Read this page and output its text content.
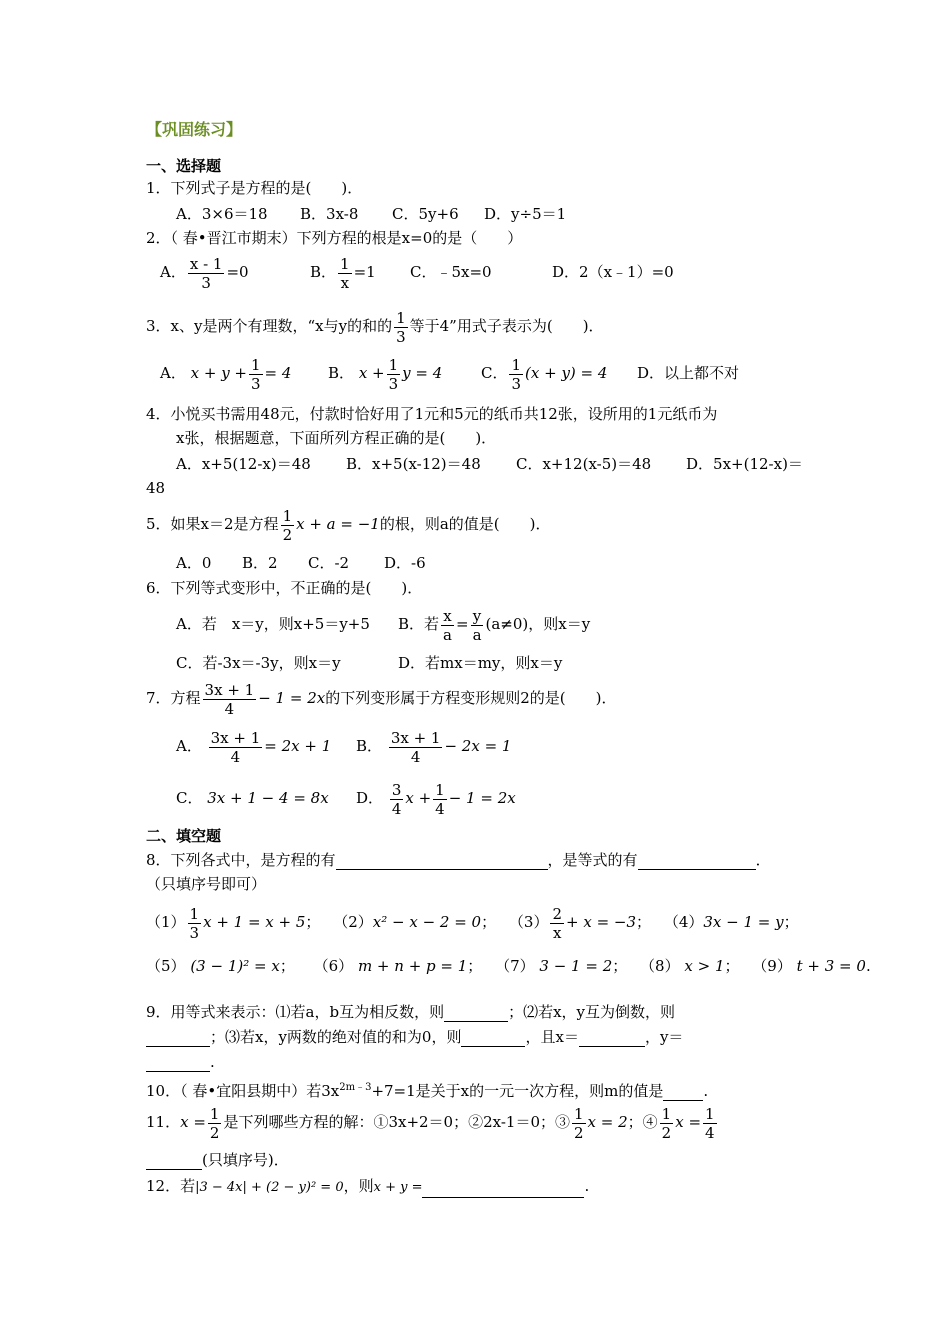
【巩固练习】
一、选择题
1．下列式子是方程的是(　　)．
A．3×6＝18 B．3x-8 C．5y+6 D．y÷5＝1
2．（ 春•晋江市期末）下列方程的根是x=0的是（　　）
A． $\frac{x - 1}{3} =0$	B． $\frac{1}{x} =1$ C．﹣5x=0	D．2（x﹣1）=0
3．x、y是两个有理数，“x与y的和的 $\frac{1}{3}$ 等于4”用式子表示为(　　)．
A． $x + y + \frac{1}{3} = 4$ B． $x + \frac{1}{3}$ y = 4	C． $\frac{1}{3} (x + y) = 4$ D．以上都不对
4．小悦买书需用48元，付款时恰好用了1元和5元的纸币共12张，设所用的1元纸币为
x张，根据题意，下面所列方程正确的是(　　)．
A．x+5(12-x)＝48 B．x+5(x-12)＝48 C．x+12(x-5)＝48 D．5x+(12-x)＝
48
5．如果x＝2是方程 $\frac{1}{2}$ x + a = −1的根，则a的值是(　　)．
A．0 B．2 C．-2 D．-6
6．下列等式变形中，不正确的是(　　)．
A．若　x＝y，则x+5＝y+5 B．若 $\frac{x}{a} = \frac{y}{a} (a\ne 0)$，则x＝y
C．若-3x＝-3y，则x＝y	D．若mx＝my，则x＝y
7．方程 $\frac{3x + 1}{4} - 1 = 2x$的下列变形属于方程变形规则2的是(　　)．
A． $\frac{3x + 1}{4} = 2x + 1$ B． $\frac{3x + 1}{4} - 2x = 1$
C． 3x + 1 − 4 = 8x D． $\frac{3}{4}$ $x + \frac{1}{4} - 1 = 2x$
二、填空题
8．下列各式中，是方程的有	，是等式的有	．
（只填序号即可）
$(1) \frac{1}{3}$ x + 1 = x + 5； （2）x² − x − 2 = 0； $(3) \frac{2}{x} + x = -3$； （4）3x − 1 = y；
（5） (3 − 1)² = x； （6） m + n + p = 1； （7） 3 − 1 = 2； （8） x > 1； （9） t + 3 = 0.
9．用等式来表示：⑴若a，b互为相反数，则	；⑵若x，y互为倒数，则
；⑶若x，y两数的绝对值的和为0，则	，且x＝	，y＝
.
10．（ 春•宜阳县期中）若$3x^{2m﹣3}+7=1$是关于x的一元一次方程，则m的值是	.
11．$x = \frac{1}{2}$ 是下列哪些方程的解：①3x+2＝0；②2x-1＝0；③ $\frac{1}{2}$ x = 2；④ $\frac{1}{2}$ $x = \frac{1}{4}$
(只填序号)．
12．若|3 − 4x| + (2 − y)² = 0，则x + y =	.
